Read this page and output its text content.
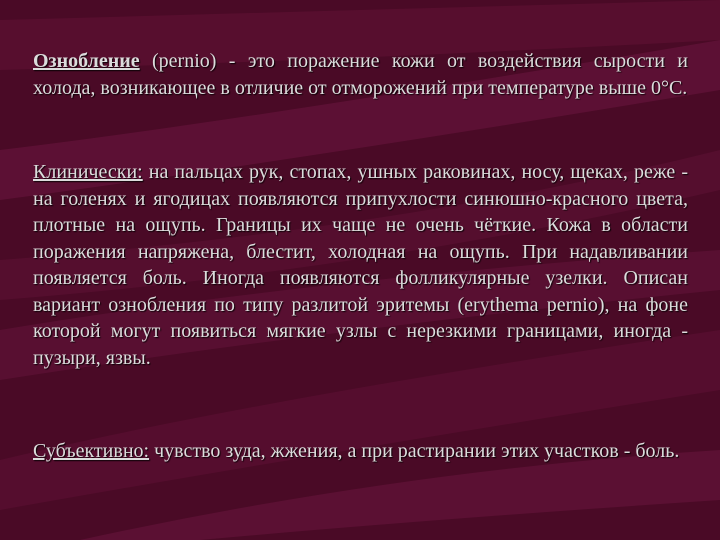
Ознобление (pernio) - это поражение кожи от воздействия сырости и холода, возникающее в отличие от отморожений при температуре выше 0°С.
Клинически: на пальцах рук, стопах, ушных раковинах, носу, щеках, реже - на голенях и ягодицах появляются припухлости синюшно-красного цвета, плотные на ощупь. Границы их чаще не очень чёткие. Кожа в области поражения напряжена, блестит, холодная на ощупь. При надавливании появляется боль. Иногда появляются фолликулярные узелки. Описан вариант ознобления по типу разлитой эритемы (erythema pernio), на фоне которой могут появиться мягкие узлы с нерезкими границами, иногда - пузыри, язвы.
Субъективно: чувство зуда, жжения, а при растирании этих участков - боль.
